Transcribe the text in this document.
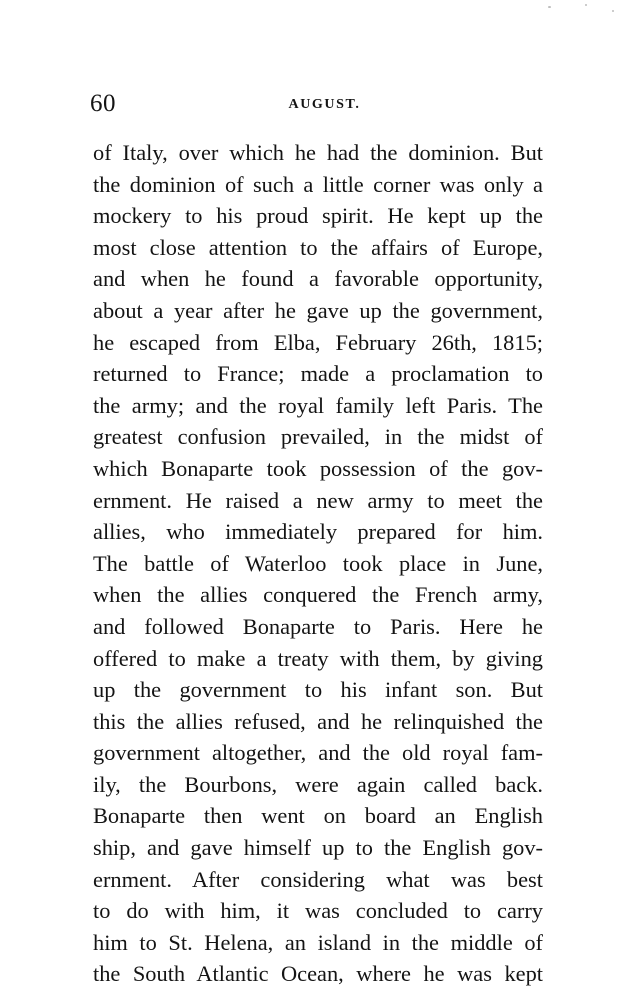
60	AUGUST.
of Italy, over which he had the dominion. But
the dominion of such a little corner was only a
mockery to his proud spirit. He kept up the
most close attention to the affairs of Europe,
and when he found a favorable opportunity,
about a year after he gave up the government,
he escaped from Elba, February 26th, 1815;
returned to France; made a proclamation to
the army; and the royal family left Paris. The
greatest confusion prevailed, in the midst of
which Bonaparte took possession of the gov-
ernment. He raised a new army to meet the
allies, who immediately prepared for him.
The battle of Waterloo took place in June,
when the allies conquered the French army,
and followed Bonaparte to Paris. Here he
offered to make a treaty with them, by giving
up the government to his infant son. But
this the allies refused, and he relinquished the
government altogether, and the old royal fam-
ily, the Bourbons, were again called back.
Bonaparte then went on board an English
ship, and gave himself up to the English gov-
ernment. After considering what was best
to do with him, it was concluded to carry
him to St. Helena, an island in the middle of
the South Atlantic Ocean, where he was kept
